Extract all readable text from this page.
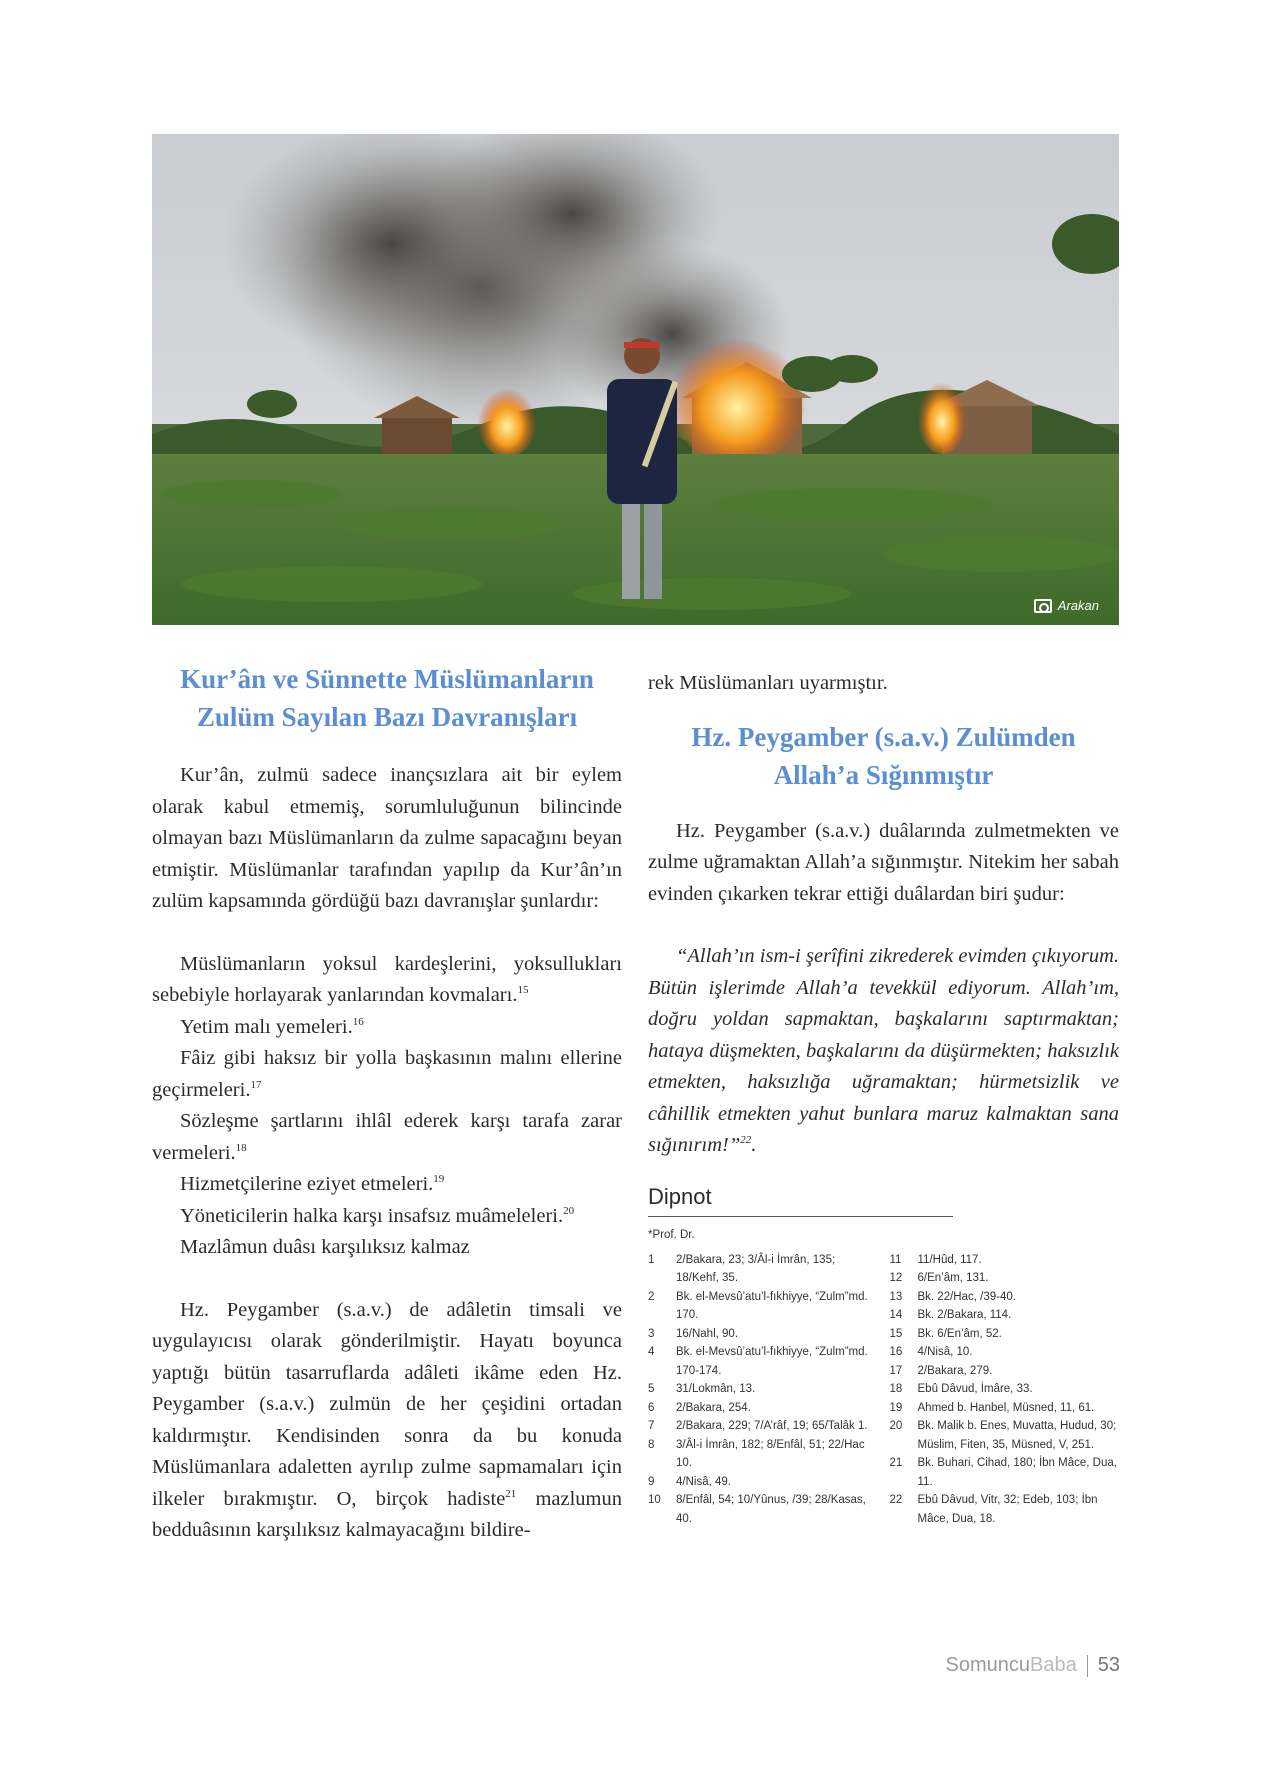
Arakan
Kur’ân ve Sünnette Müslümanların Zulüm Sayılan Bazı Davranışları

Kur’ân, zulmü sadece inançsızlara ait bir eylem olarak kabul etmemiş, sorumluluğunun bilincinde olmayan bazı Müslümanların da zulme sapacağını beyan etmiştir. Müslümanlar tarafından yapılıp da Kur’ân’ın zulüm kapsamında gördüğü bazı davranışlar şunlardır:

Müslümanların yoksul kardeşlerini, yoksullukları sebebiyle horlayarak yanlarından kovmaları.$^{15}$

Yetim malı yemeleri.$^{16}$

Fâiz gibi haksız bir yolla başkasının malını ellerine geçirmeleri.$^{17}$

Sözleşme şartlarını ihlâl ederek karşı tarafa zarar vermeleri.$^{18}$

Hizmetçilerine eziyet etmeleri.$^{19}$

Yöneticilerin halka karşı insafsız muâmeleleri.$^{20}$

Mazlâmun duâsı karşılıksız kalmaz

Hz. Peygamber (s.a.v.) de adâletin timsali ve uygulayıcısı olarak gönderilmiştir. Hayatı boyunca yaptığı bütün tasarruflarda adâleti ikâme eden Hz. Peygamber (s.a.v.) zulmün de her çeşidini ortadan kaldırmıştır. Kendisinden sonra da bu konuda Müslümanlara adaletten ayrılıp zulme sapmamaları için ilkeler bırakmıştır. O, birçok hadiste$^{21}$ mazlumun bedduâsının karşılıksız kalmayacağını bildire-

rek Müslümanları uyarmıştır.

Hz. Peygamber (s.a.v.) Zulümden Allah’a Sığınmıştır

Hz. Peygamber (s.a.v.) duâlarında zulmetmekten ve zulme uğramaktan Allah’a sığınmıştır. Nitekim her sabah evinden çıkarken tekrar ettiği duâlardan biri şudur:

“Allah’ın ism-i şerîfini zikrederek evimden çıkıyorum. Bütün işlerimde Allah’a tevekkül ediyorum. Allah’ım, doğru yoldan sapmaktan, başkalarını saptırmaktan; hataya düşmekten, başkalarını da düşürmekten; haksızlık etmekten, haksızlığa uğramaktan; hürmetsizlik ve câhillik etmekten yahut bunlara maruz kalmaktan sana sığınırım!”$^{22}$.

Dipnot
*Prof. Dr.
1	2/Bakara, 23; 3/Âl-i İmrân, 135; 18/Kehf, 35.
2	Bk. el-Mevsû’atu’l-fıkhiyye, “Zulm”md. 170.
3	16/Nahl, 90.
4	Bk. el-Mevsû’atu’l-fıkhiyye, “Zulm”md. 170-174.
5	31/Lokmân, 13.
6	2/Bakara, 254.
7	2/Bakara, 229; 7/A’râf, 19; 65/Talâk 1.
8	3/Âl-i İmrân, 182; 8/Enfâl, 51; 22/Hac 10.
9	4/Nisâ, 49.
10	8/Enfâl, 54; 10/Yûnus, /39; 28/Kasas, 40.
11	11/Hûd, 117.
12	6/En’âm, 131.
13	Bk. 22/Hac, /39-40.
14	Bk. 2/Bakara, 114.
15	Bk. 6/En’âm, 52.
16	4/Nisâ, 10.
17	2/Bakara, 279.
18	Ebû Dâvud, İmâre, 33.
19	Ahmed b. Hanbel, Müsned, 11, 61.
20	Bk. Malik b. Enes, Muvatta, Hudud, 30; Müslim, Fiten, 35, Müsned, V, 251.
21	Bk. Buhari, Cihad, 180; İbn Mâce, Dua, 11.
22	Ebû Dâvud, Vitr, 32; Edeb, 103; İbn Mâce, Dua, 18.
SomuncuBaba 53
